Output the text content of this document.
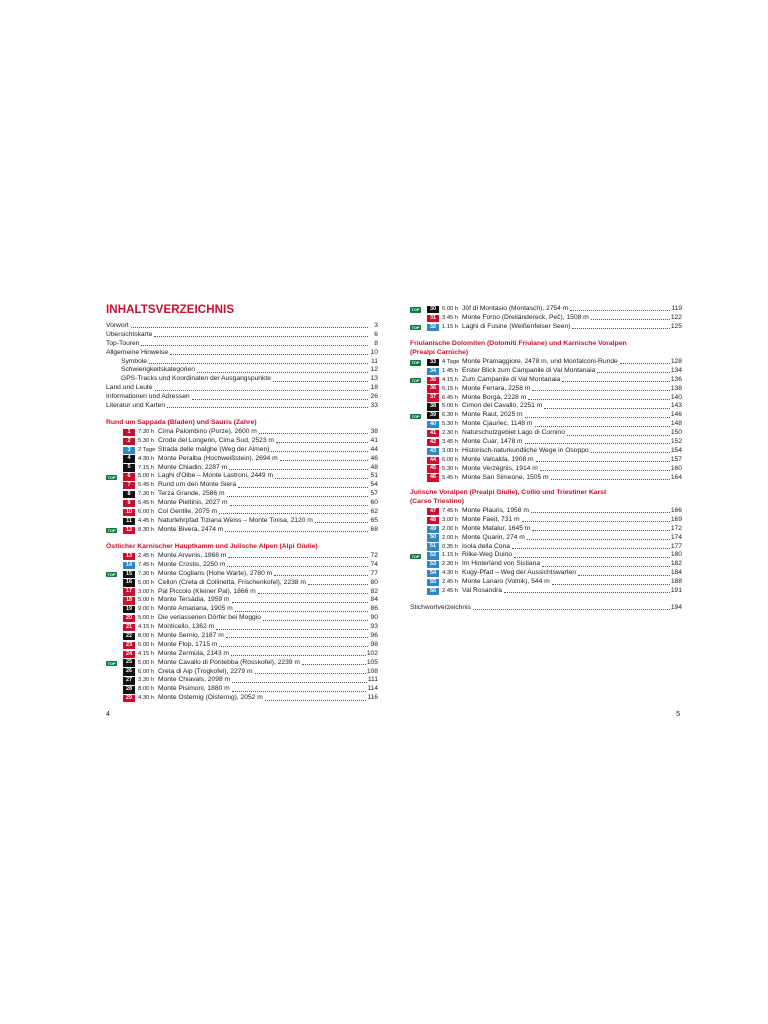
INHALTSVERZEICHNIS
Vorwort	3
Übersichtskarte	6
Top-Touren	8
Allgemeine Hinweise	10
Symbole	11
Schwierigkeitskategorien	12
GPS-Tracks und Koordinaten der Ausgangspunkte	13
Land und Leute	18
Informationen und Adressen	26
Literatur und Karten	33
Rund um Sappada (Bladen) und Sàuris (Zahre)
1	7.30 h Cima Palombino (Porze), 2600 m	38
2	5.30 h Crode del Longerin, Cima Sud, 2523 m	41
3	2 Tage Strada delle malghe (Weg der Almen)	44
4	4.30 h Monte Peralba (Hochweißstein), 2694 m	46
5	7.15 h Monte Chiadin, 2287 m	48
TOP	6	5.00 h Laghi d'Olbe – Monte Lastroni, 2449 m	51
7	5.45 h Rund um den Monte Siera	54
8	7.30 h Terza Grande, 2586 m	57
9	5.45 h Monte Pieltinis, 2027 m	60
10	6.00 h Col Gentile, 2075 m	62
11	4.45 h Naturlehrpfad Tiziana Weiss – Monte Tinisa, 2120 m	65
TOP	12	8.30 h Monte Bivera, 2474 m	68
Östlicher Karnischer Hauptkamm und Julische Alpen (Alpi Giulie)
13	2.45 h Monte Arvenis, 1968 m	72
14	7.45 h Monte Crostis, 2250 m	74
TOP	15	7.30 h Monte Coglians (Hohe Warte), 2780 m	77
16	5.00 h Cellon (Creta di Collinetta, Frischenkofel), 2238 m	80
17	3.00 h Pal Piccolo (Kleiner Pal), 1866 m	82
18	5.00 h Monte Tersàdia, 1959 m	84
19	9.00 h Monte Amariana, 1905 m	86
20	5.00 h Die verlassenen Dörfer bei Moggio	90
21	4.15 h Monticello, 1362 m	93
22	8.00 h Monte Sernio, 2187 m	96
23	6.00 h Monte Flop, 1715 m	98
24	4.15 h Monte Zermùla, 2143 m	102
TOP	25	5.00 h Monte Cavallo di Pontebba (Rosskofel), 2239 m	105
26	6.00 h Creta di Aip (Trogkofel), 2279 m	108
27	3.30 h Monte Chiavals, 2098 m	111
28	8.00 h Monte Pisimoni, 1880 m	114
29	4.30 h Monte Osternig (Oisternig), 2052 m	116
4
TOP	30	6.00 h Jôf di Montasio (Montasch), 2754 m	119
31	3.45 h Monte Forno (Dreiländereck, Peč), 1508 m	122
TOP	32	1.15 h Laghi di Fusine (Weißenfelser Seen)	125
Friulanische Dolomiten (Dolomiti Friulane) und Karnische Voralpen
(Prealpi Carniche)
TOP	33	4 Tage Monte Pramaggiore, 2478 m, und Monfalconi-Runde	128
34	1.45 h Erster Blick zum Campanile di Val Montanaia	134
TOP	35	4.15 h Zum Campanile di Val Montanaia	136
36	6.15 h Monte Ferrara, 2258 m	138
37	6.45 h Monte Borgà, 2228 m	140
38	5.00 h Cimon del Cavallo, 2251 m	143
TOP	39	6.30 h Monte Raut, 2025 m	146
40	5.30 h Monte Cjaurlec, 1148 m	148
41	2.30 h Naturschutzgebiet Lago di Cornino	150
42	3.45 h Monte Cuar, 1478 m	152
43	3.00 h Historisch-naturkundliche Wege in Osoppo	154
44	6.00 h Monte Valcalda, 1908 m	157
45	5.30 h Monte Verzègnis, 1914 m	160
46	5.45 h Monte San Simeone, 1505 m	164
Julische Voralpen (Prealpi Giulie), Collio und Triestiner Karst
(Carso Triestino)
47	7.45 h Monte Plauris, 1958 m	166
48	3.00 h Monte Faeit, 731 m	169
49	2.00 h Monte Matalur, 1645 m	172
50	2.00 h Monte Quarin, 274 m	174
51	0.35 h Isola della Cona	177
TOP	52	1.15 h Rilke-Weg Duino	180
53	2.30 h Im Hinterland von Sistiana	182
54	4.30 h Kugy-Pfad – Weg der Aussichtswarten	184
55	2.45 h Monte Lanaro (Volnik), 544 m	188
56	2.45 h Val Rosandra	191
Stichwortverzeichnis	194
5
